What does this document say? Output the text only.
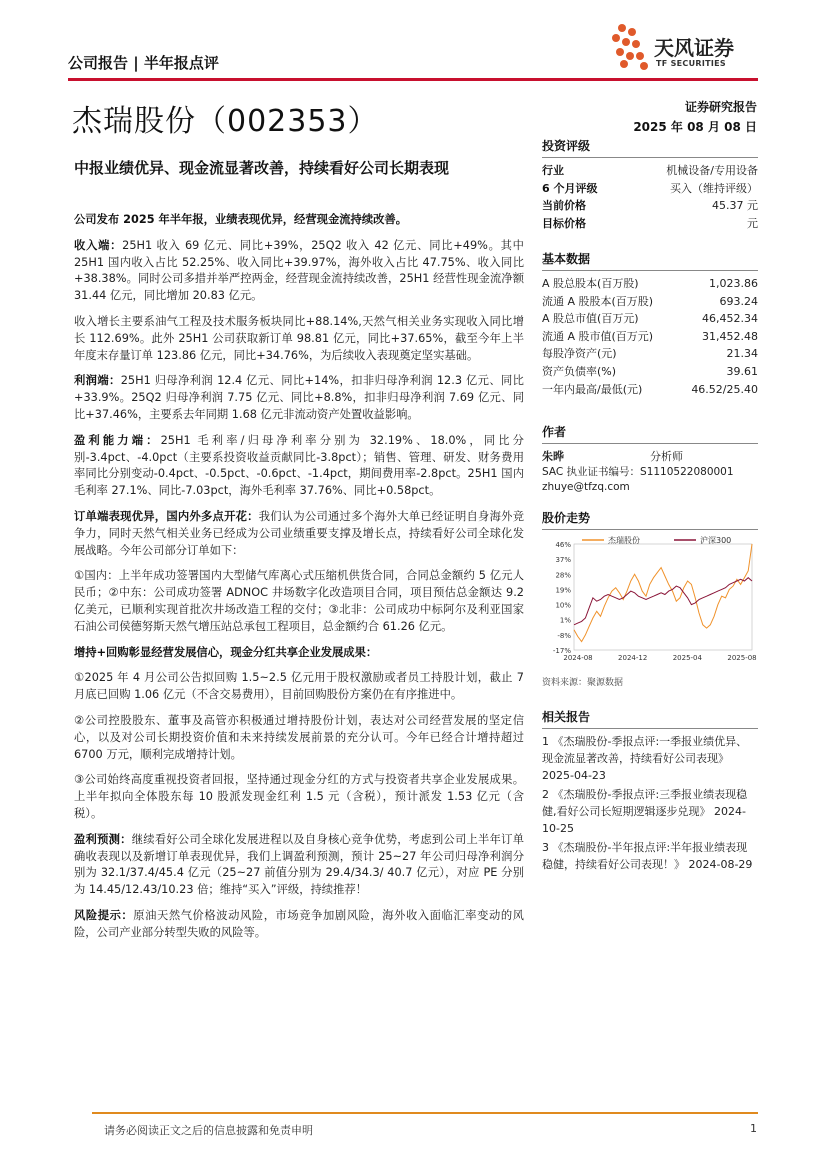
公司报告 | 半年报点评
天风证券
TF SECURITIES
杰瑞股份（002353）	证券研究报告
2025 年 08 月 08 日
中报业绩优异、现金流显著改善，持续看好公司长期表现

公司发布 2025 年半年报，业绩表现优异，经营现金流持续改善。

收入端：25H1 收入 69 亿元、同比+39%，25Q2 收入 42 亿元、同比+49%。其中 25H1 国内收入占比 52.25%、收入同比+39.97%，海外收入占比 47.75%、收入同比+38.38%。同时公司多措并举严控两金，经营现金流持续改善，25H1 经营性现金流净额 31.44 亿元，同比增加 20.83 亿元。

收入增长主要系油气工程及技术服务板块同比+88.14%,天然气相关业务实现收入同比增长 112.69%。此外 25H1 公司获取新订单 98.81 亿元，同比+37.65%，截至今年上半年度末存量订单 123.86 亿元，同比+34.76%，为后续收入表现奠定坚实基础。

利润端：25H1 归母净利润 12.4 亿元、同比+14%，扣非归母净利润 12.3 亿元、同比+33.9%。25Q2 归母净利润 7.75 亿元、同比+8.8%，扣非归母净利润 7.69 亿元、同比+37.46%，主要系去年同期 1.68 亿元非流动资产处置收益影响。

盈利能力端：25H1 毛利率/归母净利率分别为 32.19%、18.0%，同比分别-3.4pct、-4.0pct（主要系投资收益贡献同比-3.8pct）；销售、管理、研发、财务费用率同比分别变动-0.4pct、-0.5pct、-0.6pct、-1.4pct，期间费用率-2.8pct。25H1 国内毛利率 27.1%、同比-7.03pct，海外毛利率 37.76%、同比+0.58pct。

订单端表现优异，国内外多点开花：我们认为公司通过多个海外大单已经证明自身海外竞争力，同时天然气相关业务已经成为公司业绩重要支撑及增长点，持续看好公司全球化发展战略。今年公司部分订单如下：

①国内：上半年成功签署国内大型储气库离心式压缩机供货合同，合同总金额约 5 亿元人民币；②中东：公司成功签署 ADNOC 井场数字化改造项目合同，项目预估总金额达 9.2 亿美元，已顺利实现首批次井场改造工程的交付；③北非：公司成功中标阿尔及利亚国家石油公司侯德努斯天然气增压站总承包工程项目，总金额约合 61.26 亿元。

增持+回购彰显经营发展信心，现金分红共享企业发展成果：

①2025 年 4 月公司公告拟回购 1.5~2.5 亿元用于股权激励或者员工持股计划，截止 7 月底已回购 1.06 亿元（不含交易费用），目前回购股份方案仍在有序推进中。

②公司控股股东、董事及高管亦积极通过增持股份计划，表达对公司经营发展的坚定信心，以及对公司长期投资价值和未来持续发展前景的充分认可。今年已经合计增持超过 6700 万元，顺利完成增持计划。

③公司始终高度重视投资者回报，坚持通过现金分红的方式与投资者共享企业发展成果。上半年拟向全体股东每 10 股派发现金红利 1.5 元（含税），预计派发 1.53 亿元（含税）。

盈利预测：继续看好公司全球化发展进程以及自身核心竞争优势，考虑到公司上半年订单确收表现以及新增订单表现优异，我们上调盈利预测，预计 25~27 年公司归母净利润分别为 32.1/37.4/45.4 亿元（25~27 前值分别为 29.4/34.3/ 40.7 亿元），对应 PE 分别为 14.45/12.43/10.23 倍；维持“买入”评级，持续推荐！

风险提示：原油天然气价格波动风险，市场竞争加剧风险，海外收入面临汇率变动的风险，公司产业部分转型失败的风险等。

投资评级
行业	机械设备/专用设备
6 个月评级	买入（维持评级）
当前价格	45.37 元
目标价格	元
基本数据
A 股总股本(百万股)	1,023.86
流通 A 股股本(百万股)	693.24
A 股总市值(百万元)	46,452.34
流通 A 股市值(百万元)	31,452.48
每股净资产(元)	21.34
资产负债率(%)	39.61
一年内最高/最低(元)	46.52/25.40
作者
朱晔	分析师
SAC 执业证书编号：S1110522080001
zhuye@tfzq.com
股价走势
46%
37%
28%
19%
10%
1%
-8%
-17%
2024-08	2024-12	2025-04	2025-08
杰瑞股份	沪深300
资料来源：聚源数据
相关报告

1 《杰瑞股份-季报点评:一季报业绩优异、现金流显著改善，持续看好公司表现》 2025-04-23

2 《杰瑞股份-季报点评:三季报业绩表现稳健,看好公司长短期逻辑逐步兑现》 2024-10-25

3 《杰瑞股份-半年报点评:半年报业绩表现稳健，持续看好公司表现！》 2024-08-29

请务必阅读正文之后的信息披露和免责申明	1
